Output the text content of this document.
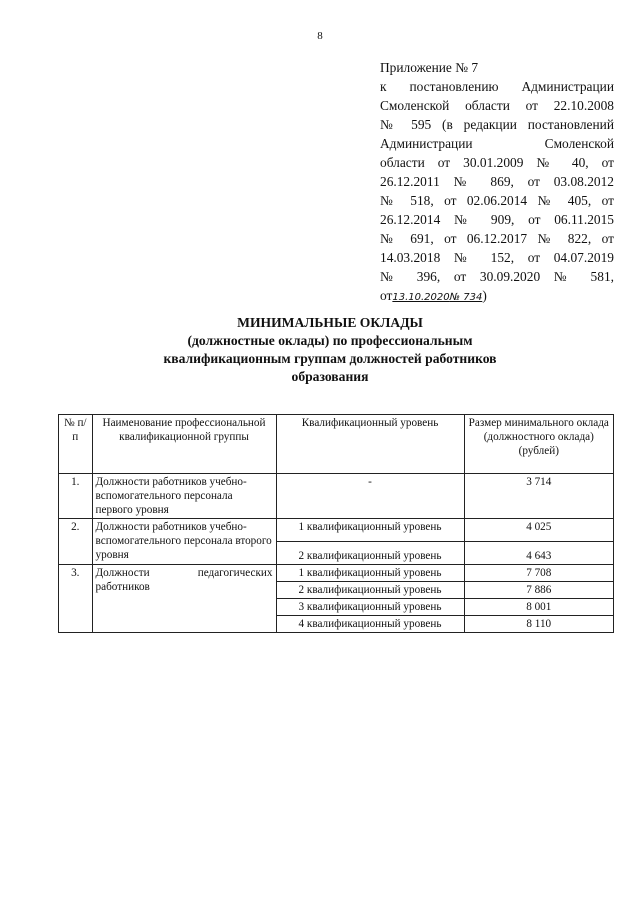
8
Приложение № 7
к постановлению Администрации
Смоленской области от 22.10.2008
№ 595 (в редакции постановлений
Администрации Смоленской
области от 30.01.2009 № 40, от
26.12.2011 № 869, от 03.08.2012
№ 518, от 02.06.2014 № 405, от
26.12.2014 № 909, от 06.11.2015
№ 691, от 06.12.2017 № 822, от
14.03.2018 № 152, от 04.07.2019
№ 396, от 30.09.2020 № 581,
от13.10.2020№ 734)
МИНИМАЛЬНЫЕ ОКЛАДЫ
(должностные оклады) по профессиональным
квалификационным группам должностей работников
образования
№ п/п	Наименование профессиональной квалификационной группы	Квалификационный уровень	Размер минимального оклада (должностного оклада) (рублей)
1.	Должности работников учебно-вспомогательного персонала первого уровня	-	3 714
2.	Должности работников учебно-вспомогательного персонала второго уровня	1 квалификационный уровень	4 025
		2 квалификационный уровень	4 643
3.	Должности педагогических работников	1 квалификационный уровень	7 708
		2 квалификационный уровень	7 886
		3 квалификационный уровень	8 001
		4 квалификационный уровень	8 110
